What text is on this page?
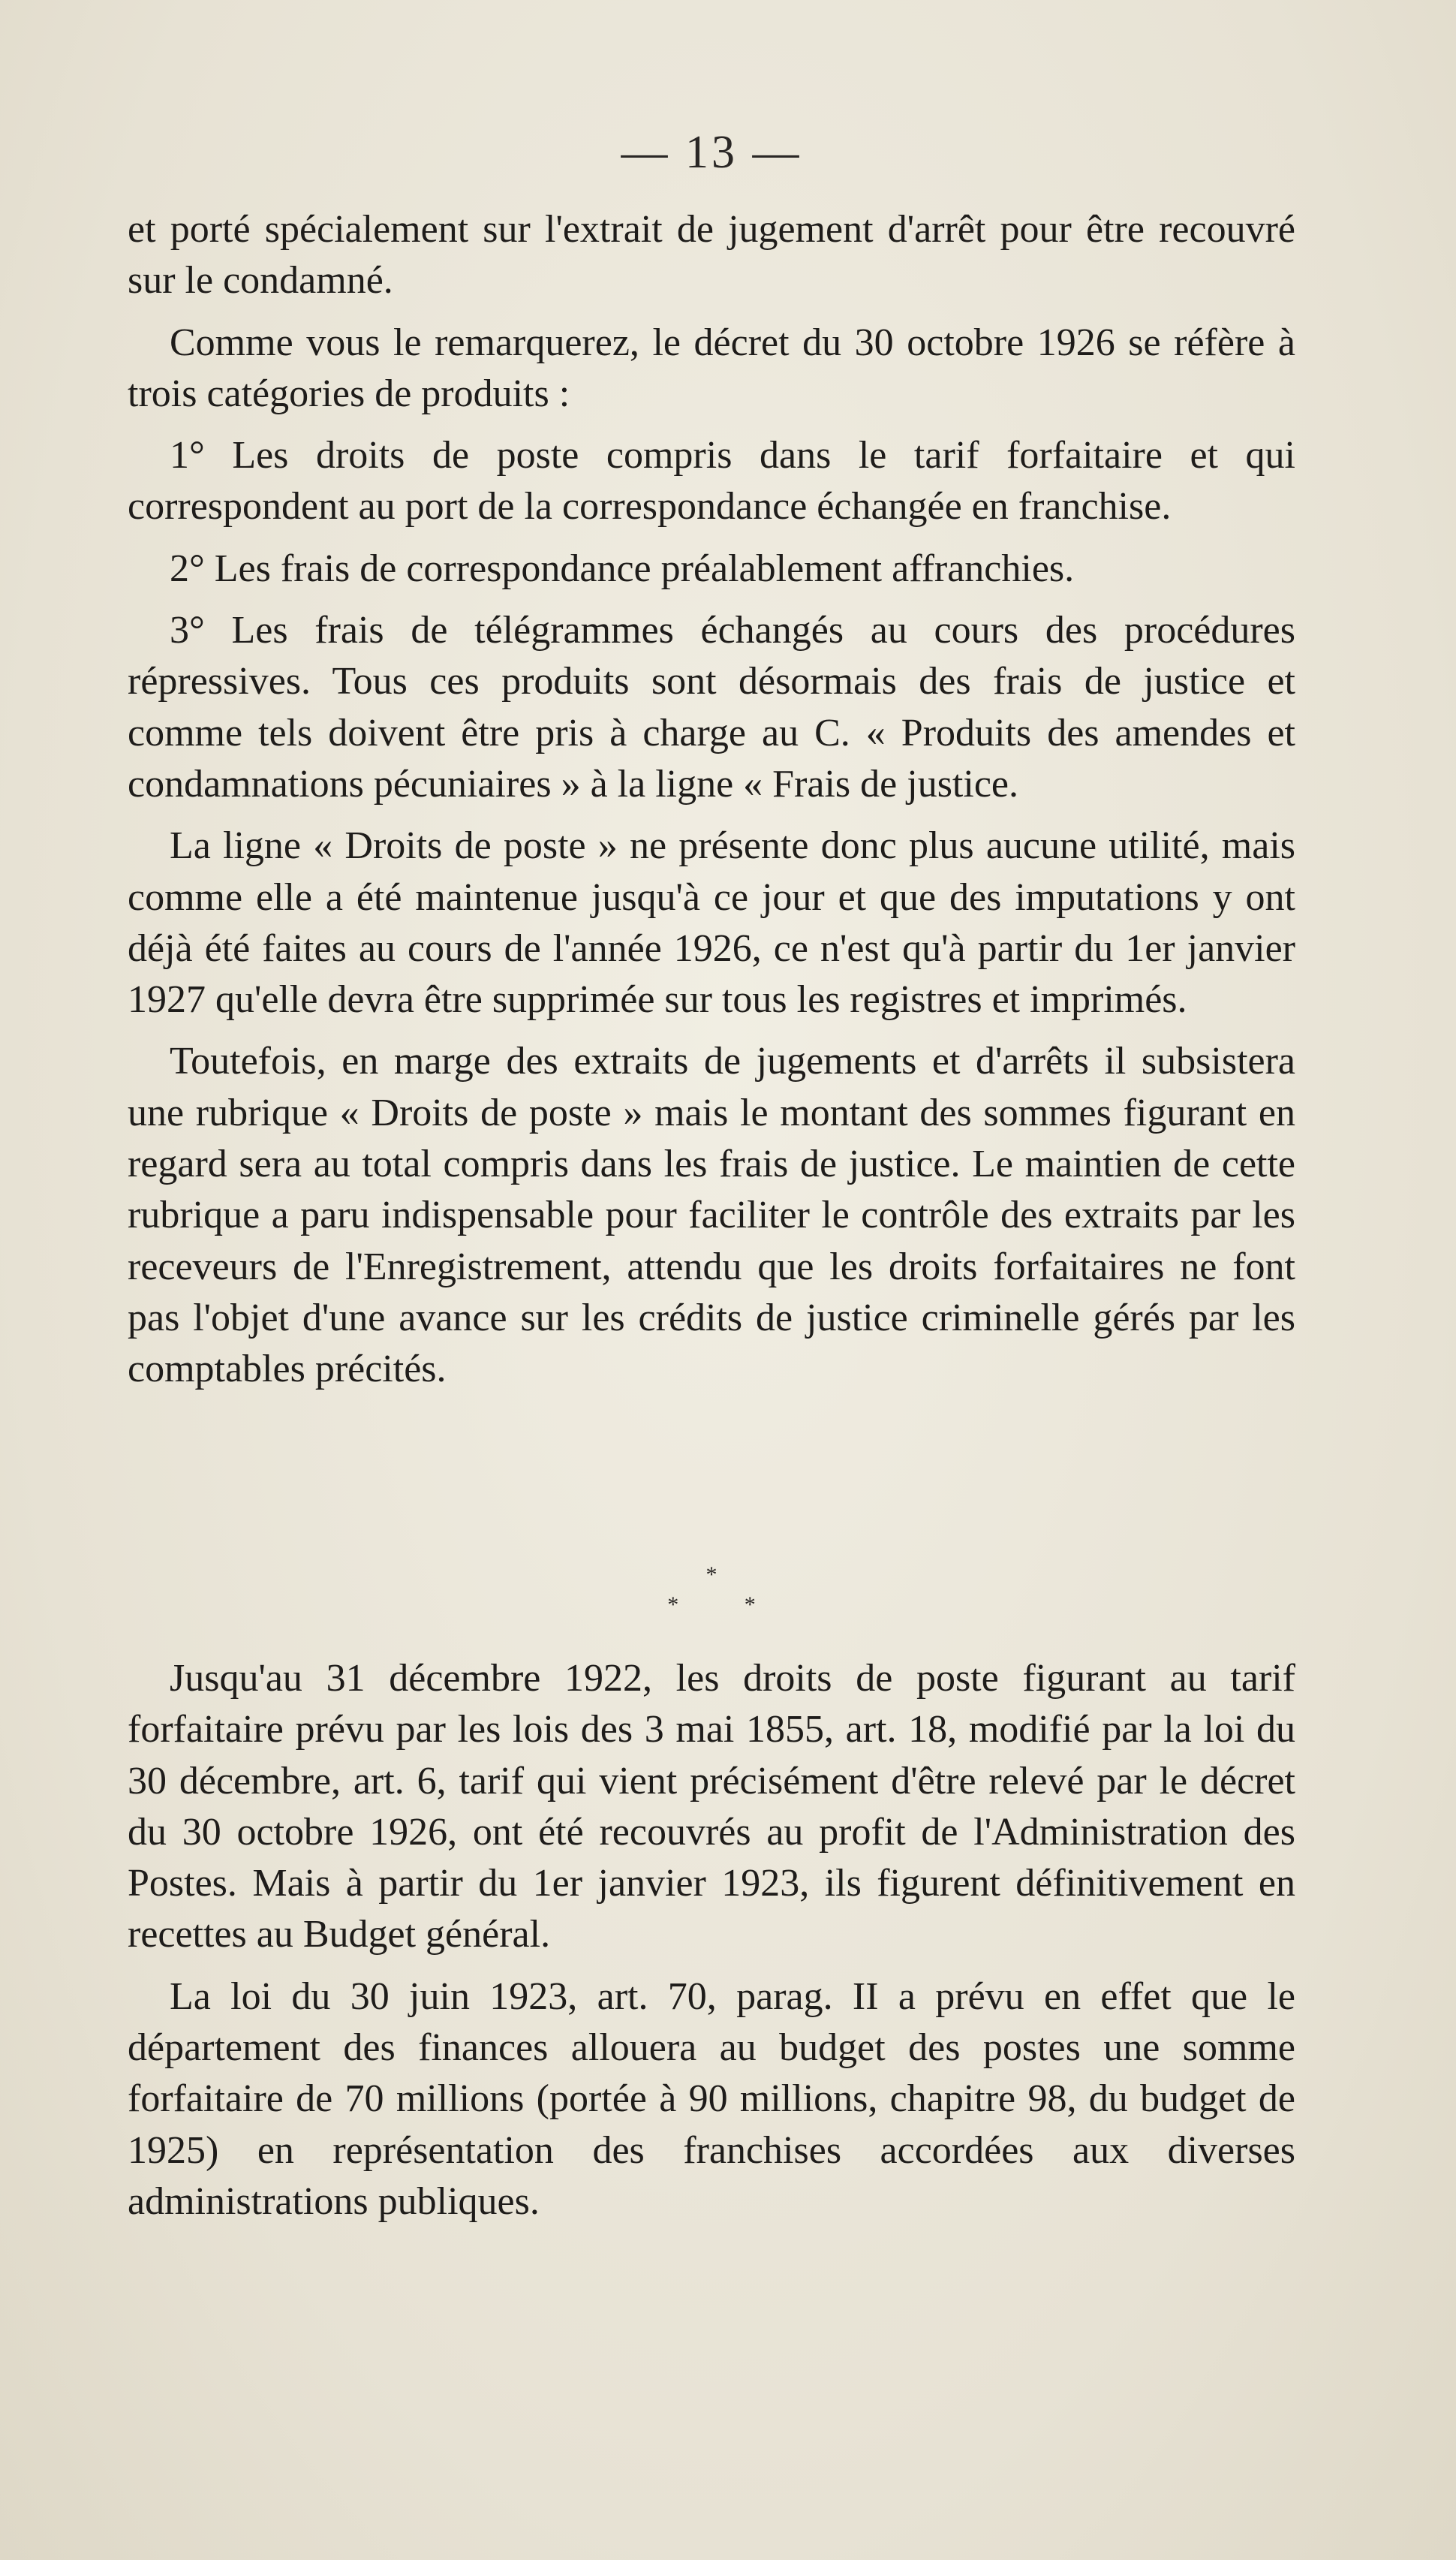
— 13 —

et porté spécialement sur l'extrait de jugement d'arrêt pour être recouvré sur le condamné.

Comme vous le remarquerez, le décret du 30 octobre 1926 se réfère à trois catégories de produits :

1° Les droits de poste compris dans le tarif forfaitaire et qui correspondent au port de la correspondance échangée en franchise.

2° Les frais de correspondance préalablement affranchies.

3° Les frais de télégrammes échangés au cours des procédures répressives. Tous ces produits sont désormais des frais de justice et comme tels doivent être pris à charge au C. « Produits des amendes et condamnations pécuniaires » à la ligne « Frais de justice.

La ligne « Droits de poste » ne présente donc plus aucune utilité, mais comme elle a été maintenue jusqu'à ce jour et que des imputations y ont déjà été faites au cours de l'année 1926, ce n'est qu'à partir du 1er janvier 1927 qu'elle devra être supprimée sur tous les registres et imprimés.

Toutefois, en marge des extraits de jugements et d'arrêts il subsistera une rubrique « Droits de poste » mais le montant des sommes figurant en regard sera au total compris dans les frais de justice. Le maintien de cette rubrique a paru indispensable pour faciliter le contrôle des extraits par les receveurs de l'Enregistrement, attendu que les droits forfaitaires ne font pas l'objet d'une avance sur les crédits de justice criminelle gérés par les comptables précités.

*
* *

Jusqu'au 31 décembre 1922, les droits de poste figurant au tarif forfaitaire prévu par les lois des 3 mai 1855, art. 18, modifié par la loi du 30 décembre, art. 6, tarif qui vient précisément d'être relevé par le décret du 30 octobre 1926, ont été recouvrés au profit de l'Administration des Postes. Mais à partir du 1er janvier 1923, ils figurent définitivement en recettes au Budget général.

La loi du 30 juin 1923, art. 70, parag. II a prévu en effet que le département des finances allouera au budget des postes une somme forfaitaire de 70 millions (portée à 90 millions, chapitre 98, du budget de 1925) en représentation des franchises accordées aux diverses administrations publiques.
